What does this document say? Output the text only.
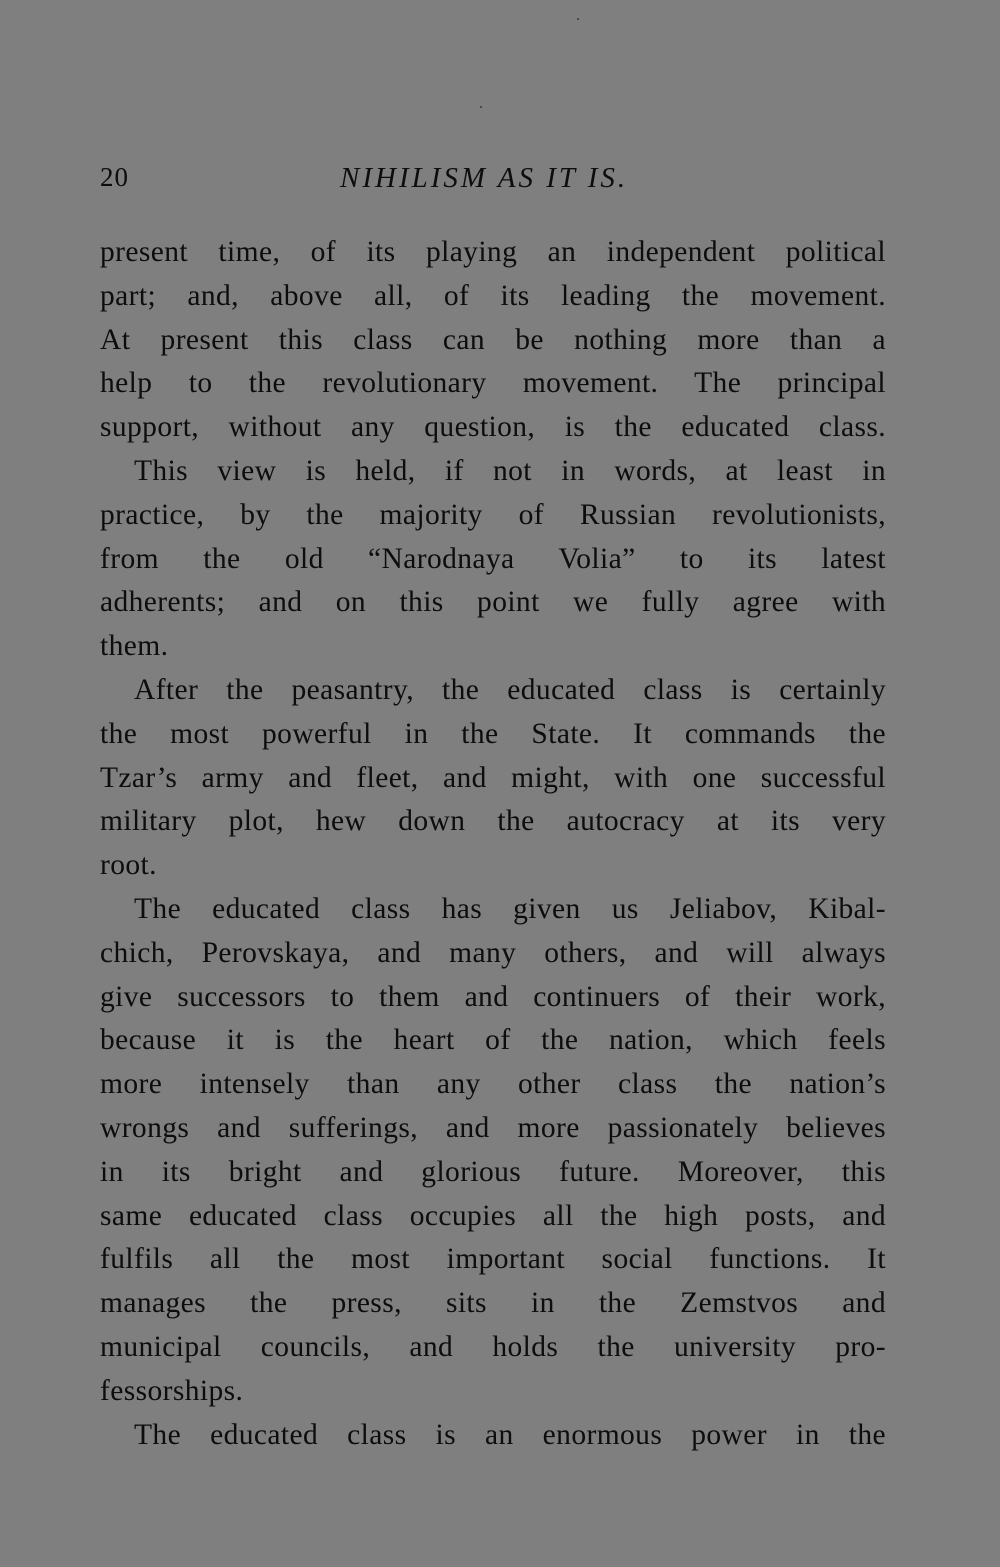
20	NIHILISM AS IT IS.
present time, of its playing an independent political
part; and, above all, of its leading the movement.
At present this class can be nothing more than a
help to the revolutionary movement. The principal
support, without any question, is the educated class.
This view is held, if not in words, at least in
practice, by the majority of Russian revolutionists,
from the old “Narodnaya Volia” to its latest
adherents; and on this point we fully agree with
them.
After the peasantry, the educated class is certainly
the most powerful in the State. It commands the
Tzar’s army and fleet, and might, with one successful
military plot, hew down the autocracy at its very
root.
The educated class has given us Jeliabov, Kibal-
chich, Perovskaya, and many others, and will always
give successors to them and continuers of their work,
because it is the heart of the nation, which feels
more intensely than any other class the nation’s
wrongs and sufferings, and more passionately believes
in its bright and glorious future. Moreover, this
same educated class occupies all the high posts, and
fulfils all the most important social functions. It
manages the press, sits in the Zemstvos and
municipal councils, and holds the university pro-
fessorships.
The educated class is an enormous power in the
